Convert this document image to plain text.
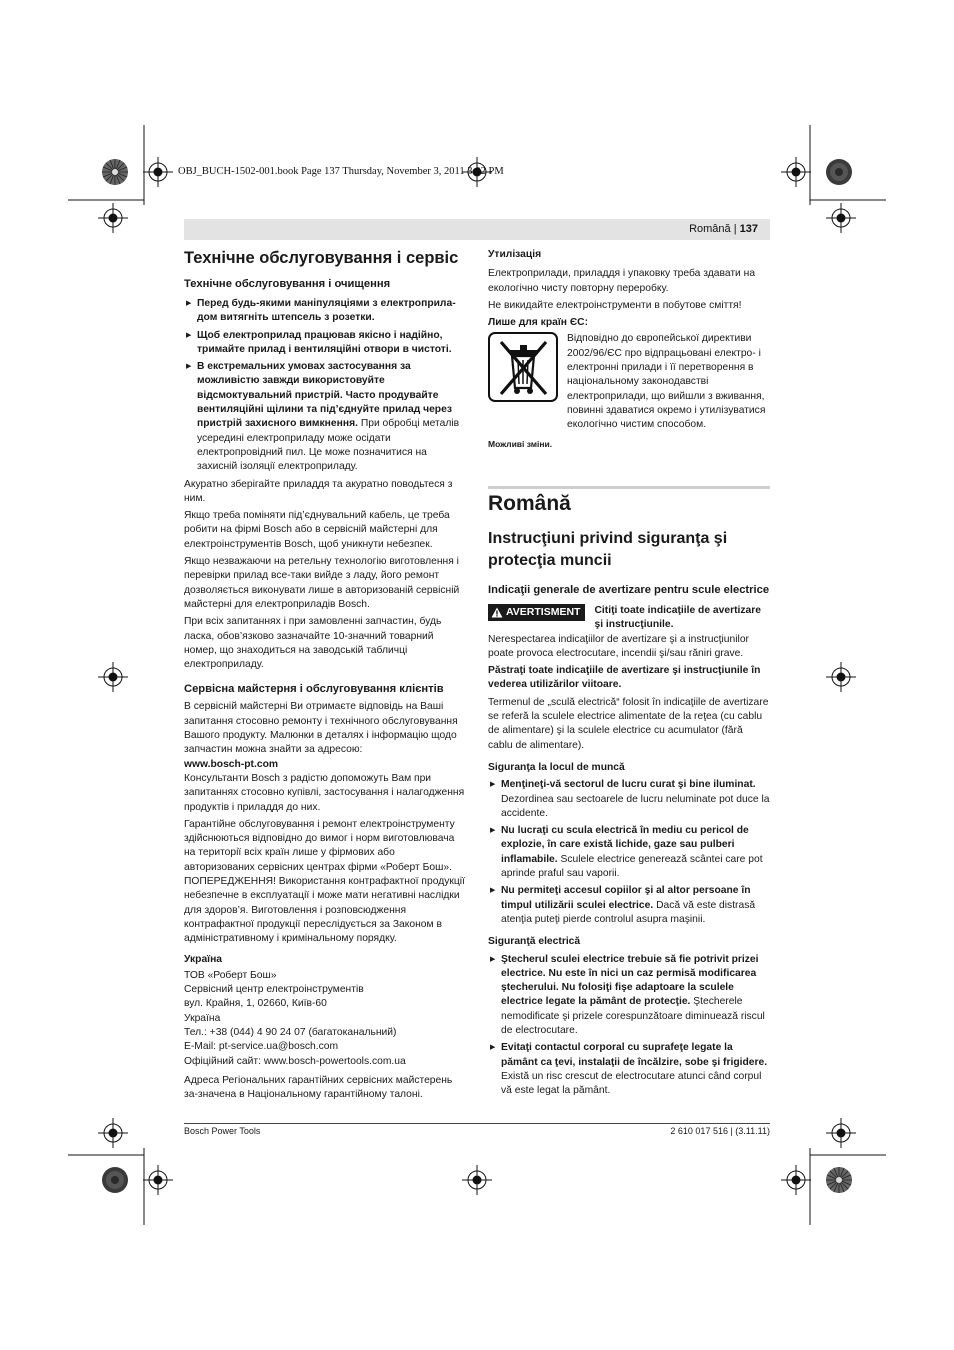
OBJ_BUCH-1502-001.book Page 137 Thursday, November 3, 2011 3:02 PM
Română | 137
Технічне обслуговування і сервіс
Технічне обслуговування і очищення
▶ Перед будь-якими маніпуляціями з електроприла-дом витягніть штепсель з розетки.
▶ Щоб електроприлад працював якісно і надійно, тримайте прилад і вентиляційні отвори в чистоті.
▶ В екстремальних умовах застосування за можливістю завжди використовуйте відсмоктувальний пристрій. Часто продувайте вентиляційні щілини та під’єднуйте прилад через пристрій захисного вимкнення. При обробці металів усередині електроприладу може осідати електропровідний пил. Це може позначитися на захисній ізоляції електроприладу.

Акуратно зберігайте приладдя та акуратно поводьтеся з ним.

Якщо треба поміняти під’єднувальний кабель, це треба робити на фірмі Bosch або в сервісній майстерні для електроінструментів Bosch, щоб уникнути небезпек.

Якщо незважаючи на ретельну технологію виготовлення і перевірки прилад все-таки вийде з ладу, його ремонт дозволяється виконувати лише в авторизованій сервісній майстерні для електроприладів Bosch.

При всіх запитаннях і при замовленні запчастин, будь ласка, обов’язково зазначайте 10-значний товарний номер, що знаходиться на заводській табличці електроприладу.

Сервісна майстерня і обслуговування клієнтів
В сервісній майстерні Ви отримаєте відповідь на Ваші запитання стосовно ремонту і технічного обслуговування Вашого продукту. Малюнки в деталях і інформацію щодо запчастин можна знайти за адресою:
www.bosch-pt.com

Консультанти Bosch з радістю допоможуть Вам при запитаннях стосовно купівлі, застосування і налагодження продуктів і приладдя до них.

Гарантійне обслуговування і ремонт електроінструменту здійснюються відповідно до вимог і норм виготовлювача на території всіх країн лише у фірмових або авторизованих сервісних центрах фірми «Роберт Бош». ПОПЕРЕДЖЕННЯ! Використання контрафактної продукції небезпечне в експлуатації і може мати негативні наслідки для здоров’я. Виготовлення і розповсюдження контрафактної продукції переслідується за Законом в адміністративному і кримінальному порядку.

Україна
ТОВ «Роберт Бош»
Сервісний центр електроінструментів
вул. Крайня, 1, 02660, Київ-60
Україна
Тел.: +38 (044) 4 90 24 07 (багатоканальний)
E-Mail: pt-service.ua@bosch.com
Офіційний сайт: www.bosch-powertools.com.ua

Адреса Регіональних гарантійних сервісних майстерень за-значена в Національному гарантійному талоні.

Утилізація

Електроприлади, приладдя і упаковку треба здавати на екологічно чисту повторну переробку.

Не викидайте електроінструменти в побутове сміття!

Лише для країн ЄС:
Відповідно до європейської директиви 2002/96/ЄС про відпрацьовані електро- і електронні прилади і її перетворення в національному законодавстві електроприлади, що вийшли з вживання, повинні здаватися окремо і утилізуватися екологічно чистим способом.
Можливі зміни.
Română
Instrucţiuni privind siguranţa şi protecţia muncii
Indicaţii generale de avertizare pentru scule electrice
AVERTISMENT Citiţi toate indicaţiile de avertizare şi instrucţiunile.

Nerespectarea indicaţiilor de avertizare şi a instrucţiunilor poate provoca electrocutare, incendii şi/sau răniri grave.

Păstraţi toate indicaţiile de avertizare şi instrucţiunile în vederea utilizărilor viitoare.

Termenul de „sculă electrică“ folosit în indicaţiile de avertizare se referă la sculele electrice alimentate de la reţea (cu cablu de alimentare) şi la sculele electrice cu acumulator (fără cablu de alimentare).

Siguranţa la locul de muncă
▶ Menţineţi-vă sectorul de lucru curat şi bine iluminat. Dezordinea sau sectoarele de lucru neluminate pot duce la accidente.
▶ Nu lucraţi cu scula electrică în mediu cu pericol de explozie, în care există lichide, gaze sau pulberi inflamabile. Sculele electrice generează scântei care pot aprinde praful sau vaporii.
▶ Nu permiteţi accesul copiilor şi al altor persoane în timpul utilizării sculei electrice. Dacă vă este distrasă atenţia puteţi pierde controlul asupra maşinii.
Siguranţă electrică
▶ Ştecherul sculei electrice trebuie să fie potrivit prizei electrice. Nu este în nici un caz permisă modificarea ştecherului. Nu folosiţi fişe adaptoare la sculele electrice legate la pământ de protecţie. Ştecherele nemodificate şi prizele corespunzătoare diminuează riscul de electrocutare.
▶ Evitaţi contactul corporal cu suprafeţe legate la pământ ca ţevi, instalaţii de încălzire, sobe şi frigidere. Există un risc crescut de electrocutare atunci când corpul vă este legat la pământ.
Bosch Power Tools	2 610 017 516 | (3.11.11)
